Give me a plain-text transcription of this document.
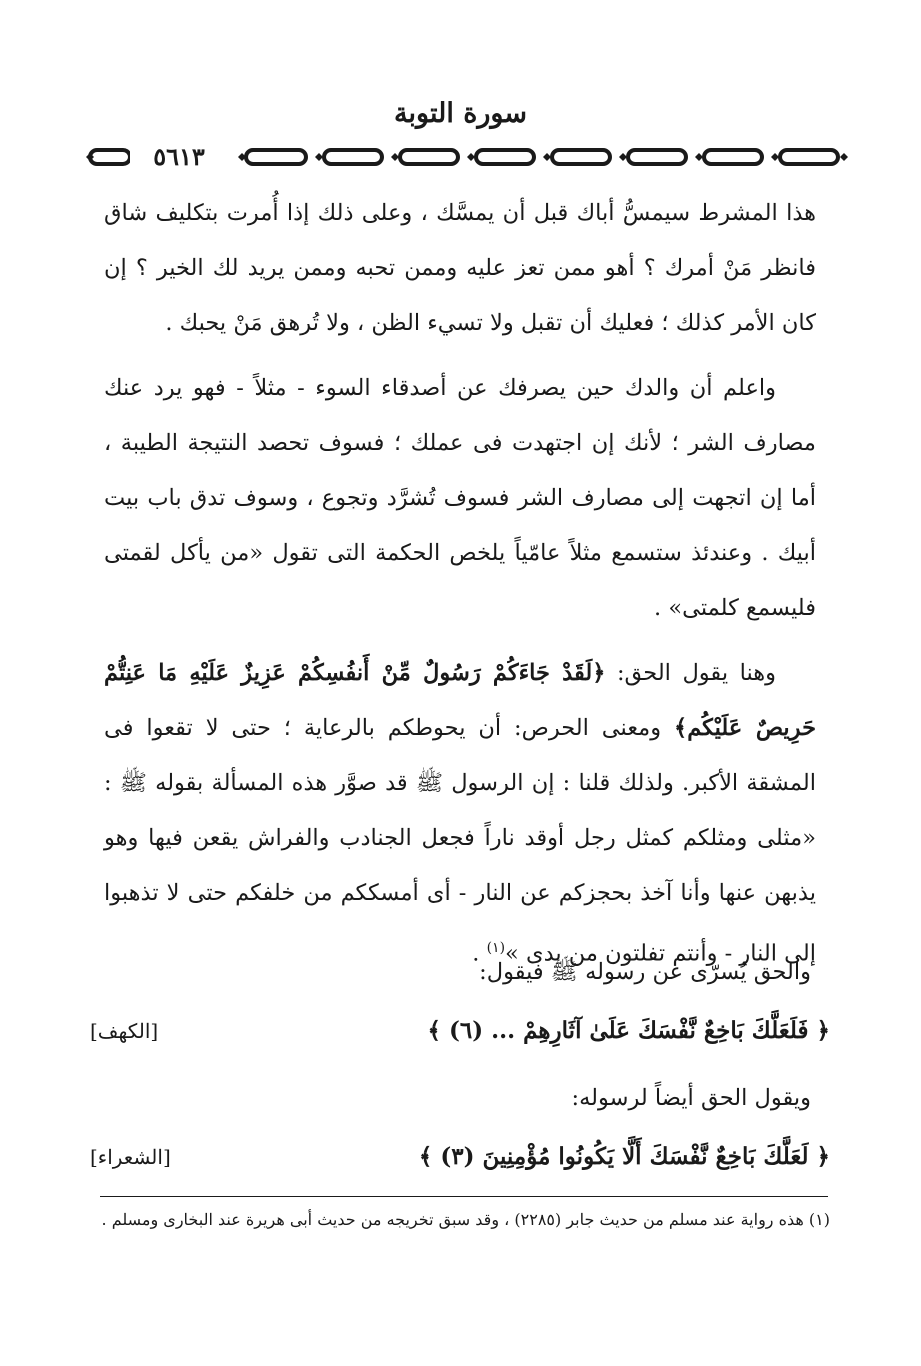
سورة التوبة
٥٦١٣

هذا المشرط سيمسُّ أباك قبل أن يمسَّك ، وعلى ذلك إذا أُمرت بتكليف شاق فانظر مَنْ أمرك ؟ أهو ممن تعز عليه وممن تحبه وممن يريد لك الخير ؟ إن كان الأمر كذلك ؛ فعليك أن تقبل ولا تسيء الظن ، ولا تُرهق مَنْ يحبك .

واعلم أن والدك حين يصرفك عن أصدقاء السوء - مثلاً - فهو يرد عنك مصارف الشر ؛ لأنك إن اجتهدت فى عملك ؛ فسوف تحصد النتيجة الطيبة ، أما إن اتجهت إلى مصارف الشر فسوف تُشرَّد وتجوع ، وسوف تدق باب بيت أبيك . وعندئذ ستسمع مثلاً عامّياً يلخص الحكمة التى تقول «من يأكل لقمتى فليسمع كلمتى» .

وهنا يقول الحق: ﴿لَقَدْ جَاءَكُمْ رَسُولٌ مِّنْ أَنفُسِكُمْ عَزِيزٌ عَلَيْهِ مَا عَنِتُّمْ حَرِيصٌ عَلَيْكُم﴾ ومعنى الحرص: أن يحوطكم بالرعاية ؛ حتى لا تقعوا فى المشقة الأكبر. ولذلك قلنا : إن الرسول ﷺ قد صوَّر هذه المسألة بقوله ﷺ : «مثلى ومثلكم كمثل رجل أوقد ناراً فجعل الجنادب والفراش يقعن فيها وهو يذبهن عنها وأنا آخذ بحجزكم عن النار - أى أمسككم من خلفكم حتى لا تذهبوا إلى النار - وأنتم تفلتون من يدى »$^{(١)}$ .

والحق يُسرّى عن رسوله ﷺ فيقول:
﴿ فَلَعَلَّكَ بَاخِعٌ نَّفْسَكَ عَلَىٰ آثَارِهِمْ ... (٦) ﴾
[الكهف]
ويقول الحق أيضاً لرسوله:
﴿ لَعَلَّكَ بَاخِعٌ نَّفْسَكَ أَلَّا يَكُونُوا مُؤْمِنِينَ (٣) ﴾
[الشعراء]
(١) هذه رواية عند مسلم من حديث جابر (٢٢٨٥) ، وقد سبق تخريجه من حديث أبى هريرة عند البخارى ومسلم .
